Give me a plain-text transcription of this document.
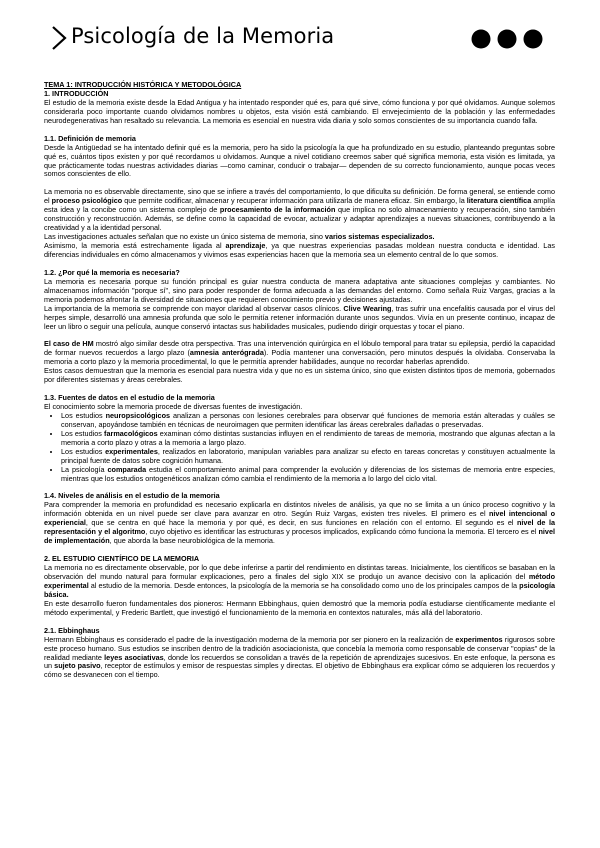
Psicología de la Memoria

TEMA 1: INTRODUCCIÓN HISTÓRICA Y METODOLÓGICA

1. INTRODUCCIÓN

El estudio de la memoria existe desde la Edad Antigua y ha intentado responder qué es, para qué sirve, cómo funciona y por qué olvidamos. Aunque solemos considerarla poco importante cuando olvidamos nombres u objetos, esta visión está cambiando. El envejecimiento de la población y las enfermedades neurodegenerativas han resaltado su relevancia. La memoria es esencial en nuestra vida diaria y solo somos conscientes de su importancia cuando falla.

1.1. Definición de memoria

Desde la Antigüedad se ha intentado definir qué es la memoria, pero ha sido la psicología la que ha profundizado en su estudio, planteando preguntas sobre qué es, cuántos tipos existen y por qué recordamos u olvidamos. Aunque a nivel cotidiano creemos saber qué significa memoria, esta visión es limitada, ya que prácticamente todas nuestras actividades diarias —como caminar, conducir o trabajar— dependen de su correcto funcionamiento, aunque pocas veces somos conscientes de ello.

La memoria no es observable directamente, sino que se infiere a través del comportamiento, lo que dificulta su definición. De forma general, se entiende como el proceso psicológico que permite codificar, almacenar y recuperar información para utilizarla de manera eficaz. Sin embargo, la literatura científica amplía esta idea y la concibe como un sistema complejo de procesamiento de la información que implica no solo almacenamiento y recuperación, sino también construcción y reconstrucción. Además, se define como la capacidad de evocar, actualizar y adaptar aprendizajes a nuevas situaciones, contribuyendo a la creatividad y a la identidad personal.

Las investigaciones actuales señalan que no existe un único sistema de memoria, sino varios sistemas especializados.

Asimismo, la memoria está estrechamente ligada al aprendizaje, ya que nuestras experiencias pasadas moldean nuestra conducta e identidad. Las diferencias individuales en cómo almacenamos y vivimos esas experiencias hacen que la memoria sea un elemento central de lo que somos.

1.2. ¿Por qué la memoria es necesaria?

La memoria es necesaria porque su función principal es guiar nuestra conducta de manera adaptativa ante situaciones complejas y cambiantes. No almacenamos información "porque sí", sino para poder responder de forma adecuada a las demandas del entorno. Como señala Ruiz Vargas, gracias a la memoria podemos afrontar la diversidad de situaciones que requieren conocimiento previo y decisiones ajustadas.

La importancia de la memoria se comprende con mayor claridad al observar casos clínicos. Clive Wearing, tras sufrir una encefalitis causada por el virus del herpes simple, desarrolló una amnesia profunda que solo le permitía retener información durante unos segundos. Vivía en un presente continuo, incapaz de leer un libro o seguir una película, aunque conservó intactas sus habilidades musicales, pudiendo dirigir orquestas y tocar el piano.

El caso de HM mostró algo similar desde otra perspectiva. Tras una intervención quirúrgica en el lóbulo temporal para tratar su epilepsia, perdió la capacidad de formar nuevos recuerdos a largo plazo (amnesia anterógrada). Podía mantener una conversación, pero minutos después la olvidaba. Conservaba la memoria a corto plazo y la memoria procedimental, lo que le permitía aprender habilidades, aunque no recordar haberlas aprendido.

Estos casos demuestran que la memoria es esencial para nuestra vida y que no es un sistema único, sino que existen distintos tipos de memoria, gobernados por diferentes sistemas y áreas cerebrales.

1.3. Fuentes de datos en el estudio de la memoria

El conocimiento sobre la memoria procede de diversas fuentes de investigación.

• Los estudios neuropsicológicos analizan a personas con lesiones cerebrales para observar qué funciones de memoria están alteradas y cuáles se conservan, apoyándose también en técnicas de neuroimagen que permiten identificar las áreas cerebrales dañadas o preservadas.
• Los estudios farmacológicos examinan cómo distintas sustancias influyen en el rendimiento de tareas de memoria, mostrando que algunas afectan a la memoria a corto plazo y otras a la memoria a largo plazo.
• Los estudios experimentales, realizados en laboratorio, manipulan variables para analizar su efecto en tareas concretas y constituyen actualmente la principal fuente de datos sobre cognición humana.
• La psicología comparada estudia el comportamiento animal para comprender la evolución y diferencias de los sistemas de memoria entre especies, mientras que los estudios ontogenéticos analizan cómo cambia el rendimiento de la memoria a lo largo del ciclo vital.

1.4. Niveles de análisis en el estudio de la memoria

Para comprender la memoria en profundidad es necesario explicarla en distintos niveles de análisis, ya que no se limita a un único proceso cognitivo y la información obtenida en un nivel puede ser clave para avanzar en otro. Según Ruiz Vargas, existen tres niveles. El primero es el nivel intencional o experiencial, que se centra en qué hace la memoria y por qué, es decir, en sus funciones en relación con el entorno. El segundo es el nivel de la representación y el algoritmo, cuyo objetivo es identificar las estructuras y procesos implicados, explicando cómo funciona la memoria. El tercero es el nivel de implementación, que aborda la base neurobiológica de la memoria.

2. EL ESTUDIO CIENTÍFICO DE LA MEMORIA

La memoria no es directamente observable, por lo que debe inferirse a partir del rendimiento en distintas tareas. Inicialmente, los científicos se basaban en la observación del mundo natural para formular explicaciones, pero a finales del siglo XIX se produjo un avance decisivo con la aplicación del método experimental al estudio de la memoria. Desde entonces, la psicología de la memoria se ha consolidado como uno de los principales campos de la psicología básica.

En este desarrollo fueron fundamentales dos pioneros: Hermann Ebbinghaus, quien demostró que la memoria podía estudiarse científicamente mediante el método experimental, y Frederic Bartlett, que investigó el funcionamiento de la memoria en contextos naturales, más allá del laboratorio.

2.1. Ebbinghaus

Hermann Ebbinghaus es considerado el padre de la investigación moderna de la memoria por ser pionero en la realización de experimentos rigurosos sobre este proceso humano. Sus estudios se inscriben dentro de la tradición asociacionista, que concebía la memoria como responsable de conservar "copias" de la realidad mediante leyes asociativas, donde los recuerdos se consolidan a través de la repetición de aprendizajes sucesivos. En este enfoque, la persona es un sujeto pasivo, receptor de estímulos y emisor de respuestas simples y directas. El objetivo de Ebbinghaus era explicar cómo se adquieren los recuerdos y cómo se desvanecen con el tiempo.
